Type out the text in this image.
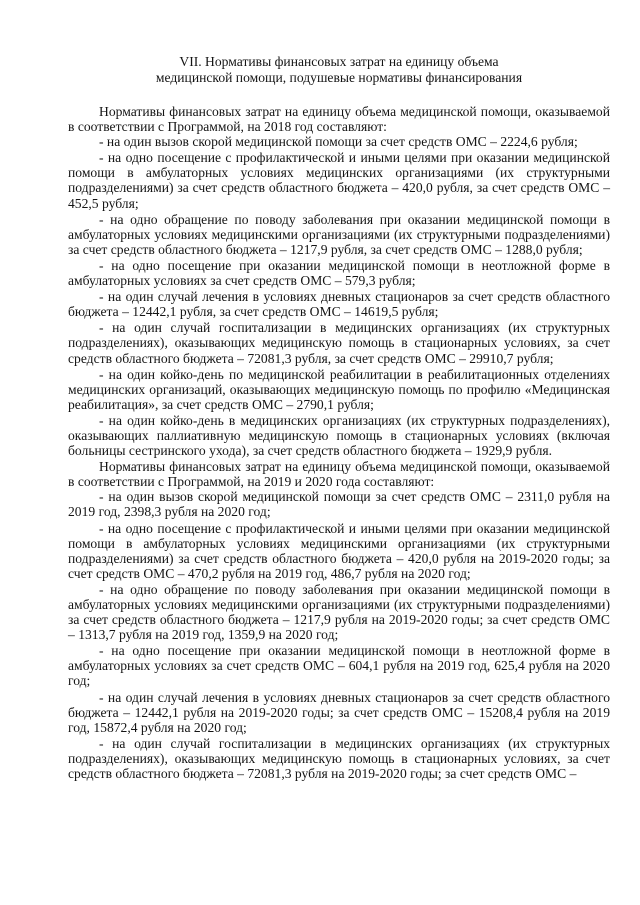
VII. Нормативы финансовых затрат на единицу объема
медицинской помощи, подушевые нормативы финансирования

Нормативы финансовых затрат на единицу объема медицинской помощи, оказываемой в соответствии с Программой, на 2018 год составляют:

- на один вызов скорой медицинской помощи за счет средств ОМС – 2224,6 рубля;

- на одно посещение с профилактической и иными целями при оказании медицинской помощи в амбулаторных условиях медицинских организациями (их структурными подразделениями) за счет средств областного бюджета – 420,0 рубля, за счет средств ОМС – 452,5 рубля;

- на одно обращение по поводу заболевания при оказании медицинской помощи в амбулаторных условиях медицинскими организациями (их структурными подразделениями) за счет средств областного бюджета – 1217,9 рубля, за счет средств ОМС – 1288,0 рубля;

- на одно посещение при оказании медицинской помощи в неотложной форме в амбулаторных условиях за счет средств ОМС – 579,3 рубля;

- на один случай лечения в условиях дневных стационаров за счет средств областного бюджета – 12442,1 рубля, за счет средств ОМС – 14619,5 рубля;

- на один случай госпитализации в медицинских организациях (их структурных подразделениях), оказывающих медицинскую помощь в стационарных условиях, за счет средств областного бюджета – 72081,3 рубля, за счет средств ОМС – 29910,7 рубля;

- на один койко-день по медицинской реабилитации в реабилитационных отделениях медицинских организаций, оказывающих медицинскую помощь по профилю «Медицинская реабилитация», за счет средств ОМС – 2790,1 рубля;

- на один койко-день в медицинских организациях (их структурных подразделениях), оказывающих паллиативную медицинскую помощь в стационарных условиях (включая больницы сестринского ухода), за счет средств областного бюджета – 1929,9 рубля.

Нормативы финансовых затрат на единицу объема медицинской помощи, оказываемой в соответствии с Программой, на 2019 и 2020 года составляют:

- на один вызов скорой медицинской помощи за счет средств ОМС – 2311,0 рубля на 2019 год, 2398,3 рубля на 2020 год;

- на одно посещение с профилактической и иными целями при оказании медицинской помощи в амбулаторных условиях медицинскими организациями (их структурными подразделениями) за счет средств областного бюджета – 420,0 рубля на 2019-2020 годы; за счет средств ОМС – 470,2 рубля на 2019 год, 486,7 рубля на 2020 год;

- на одно обращение по поводу заболевания при оказании медицинской помощи в амбулаторных условиях медицинскими организациями (их структурными подразделениями) за счет средств областного бюджета – 1217,9 рубля на 2019-2020 годы; за счет средств ОМС – 1313,7 рубля на 2019 год, 1359,9 на 2020 год;

- на одно посещение при оказании медицинской помощи в неотложной форме в амбулаторных условиях за счет средств ОМС – 604,1 рубля на 2019 год, 625,4 рубля на 2020 год;

- на один случай лечения в условиях дневных стационаров за счет средств областного бюджета – 12442,1 рубля на 2019-2020 годы; за счет средств ОМС – 15208,4 рубля на 2019 год, 15872,4 рубля на 2020 год;

- на один случай госпитализации в медицинских организациях (их структурных подразделениях), оказывающих медицинскую помощь в стационарных условиях, за счет средств областного бюджета – 72081,3 рубля на 2019-2020 годы; за счет средств ОМС –
